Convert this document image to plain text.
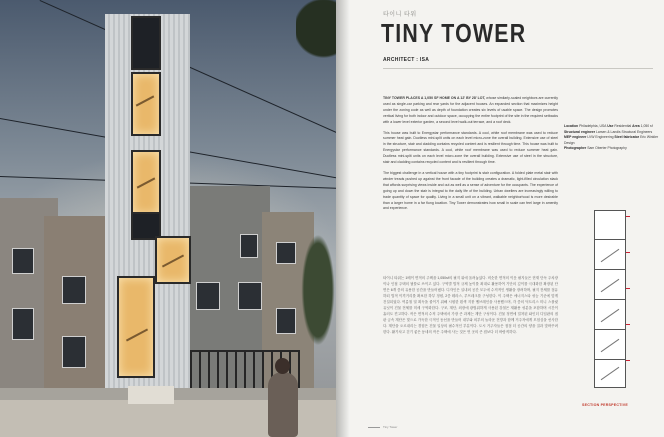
타이니 타워
TINY TOWER
ARCHITECT : ISA

TINY TOWER PLACES A 1,050 SF HOME ON A 12' BY 28' LOT, whose similarly-scaled neighbors are currently used as single-car parking and rear yards for the adjacent houses. An expanded section that maximizes height under the zoning code as well as depth of foundation creates six levels of usable space. The design promotes vertical living for both indoor and outdoor space, occupying the entire footprint of the site in the required setbacks with a lower level exterior garden, a second level walk-out terrace, and a roof deck.

This house was built to Energystar performance standards. A cool, white roof membrane was used to reduce summer heat gain. Ductless mini-split units on each level micro-zone the overall building. Extensive use of steel in the structure, stair and cladding contains recycled content and is resilient through time. This house was built to Energystar performance standards. A cool, white roof membrane was used to reduce summer heat gain. Ductless mini-split units on each level micro-zone the overall building. Extensive use of steel in the structure, stair and cladding contains recycled content and is resilient through time.

The biggest challenge in a vertical house with a tiny footprint is stair configuration. A folded plate metal stair with winder treads pushed up against the front facade of the building creates a dramatic, light-filled circulation stack that affords surprising views inside and out as well as a sense of adventure for the occupants. The experience of going up and down the stair is integral to the daily life of the building. Urban dwellers are increasingly willing to trade quantity of space for quality. Living in a small unit on a vibrant, walkable neighborhood is more desirable than a larger home in a far flung location. Tiny Tower demonstrates how small in scale can feel large in amenity and experience.

타이니 타워는 1베이 면적의 주택을 1,050sf의 필지 위에 올려놓았다. 비슷한 면적의 이웃 필지들은 현재 단독 주차장이나 인접 주택의 뒷뜰로 쓰이고 있다. 구역별 법적 규제 높이를 최대로 활용하여 기단의 깊이를 극대화한 확장된 단면은 6개 층의 유용한 공간을 만들어냈다. 디자인은 실내외 공간 모두에 수직적인 생활을 장려하며, 필지 전체를 점유하되 법적 이격거리를 확보한 하부 정원, 2층 테라스, 루프데크를 구성한다. 이 주택은 에너지스타 성능 기준에 맞게 건설되었다. 여름철 열 획득을 줄이기 위해 시원한 흰색 지붕 멤브레인을 사용했으며, 각 층의 덕트리스 미니 스플릿 유닛이 건물 전체를 미세 구역화한다. 구조, 계단, 외장에 광범위하게 사용된 강철은 재활용 성분을 포함하며 시간이 흘러도 견고하다. 작은 면적의 수직 주택에서 가장 큰 과제는 계단 구성이다. 건물 정면에 밀착된 와인더 디딤판의 접판 금속 계단은 빛으로 가득한 극적인 동선을 만들어 내부와 외부의 놀라운 전망과 함께 거주자에게 모험심을 선사한다. 계단을 오르내리는 경험은 건물 일상의 필수적인 부분이다. 도시 거주자들은 점점 더 공간의 양을 질과 맞바꾸려 한다. 활기차고 걷기 좋은 동네의 작은 주택에 사는 것은 먼 곳의 큰 집보다 더 바람직하다.
Location Philadelphia, USA Use Residential Area 1,050 sf
Structural engineer Larsen & Landis Structural Engineers MEP engineer LVW Engineering Steel fabricator Eric Winkler Design
Photographer Sam Oberter Photography
SECTION PERSPECTIVE
Tiny Tower
